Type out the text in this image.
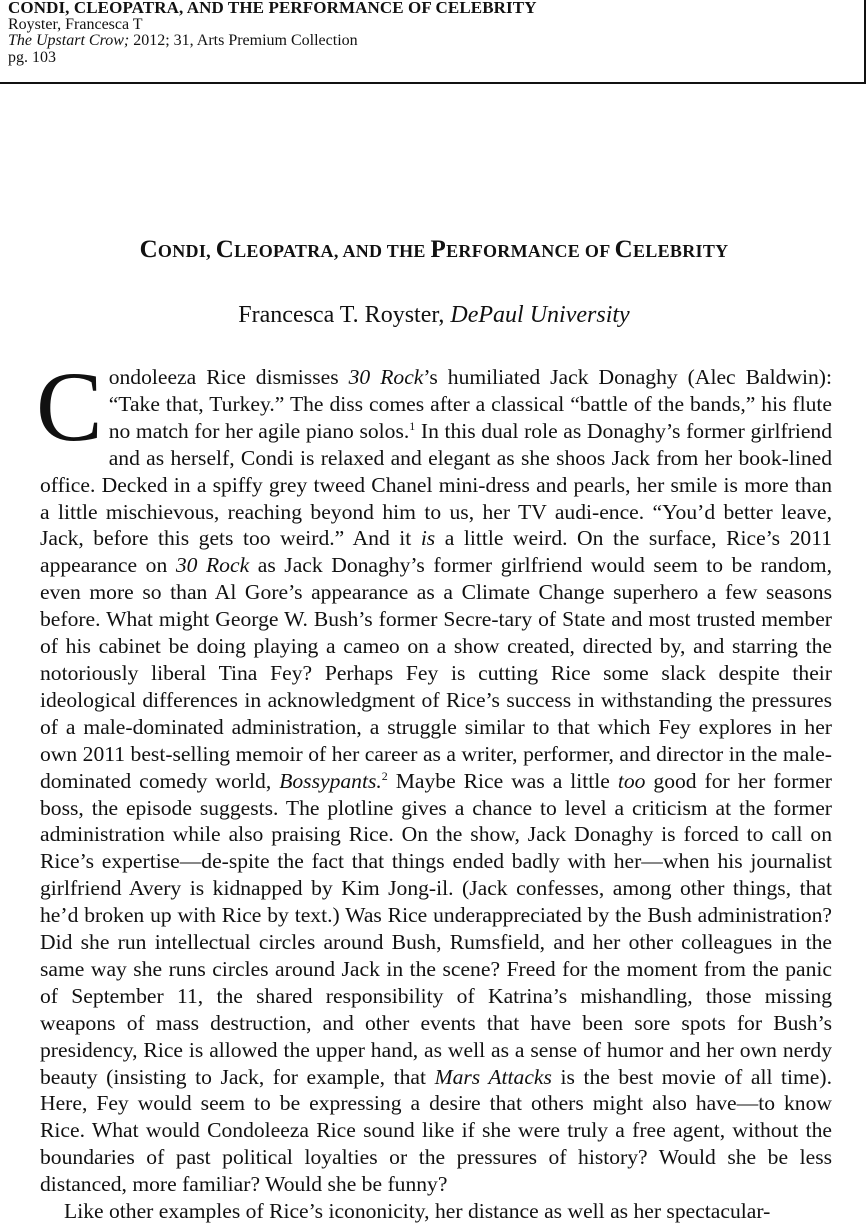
CONDI, CLEOPATRA, AND THE PERFORMANCE OF CELEBRITY
Royster, Francesca T
The Upstart Crow; 2012; 31, Arts Premium Collection
pg. 103
CONDI, CLEOPATRA, AND THE PERFORMANCE OF CELEBRITY
Francesca T. Royster, DePaul University

Condoleeza Rice dismisses 30 Rock’s humiliated Jack Donaghy (Alec Baldwin): “Take that, Turkey.” The diss comes after a classical “battle of the bands,” his flute no match for her agile piano solos.$^1$ In this dual role as Donaghy’s former girlfriend and as herself, Condi is relaxed and elegant as she shoos Jack from her book-lined office. Decked in a spiffy grey tweed Chanel mini-dress and pearls, her smile is more than a little mischievous, reaching beyond him to us, her TV audi-ence. “You’d better leave, Jack, before this gets too weird.” And it is a little weird. On the surface, Rice’s 2011 appearance on 30 Rock as Jack Donaghy’s former girlfriend would seem to be random, even more so than Al Gore’s appearance as a Climate Change superhero a few seasons before. What might George W. Bush’s former Secre-tary of State and most trusted member of his cabinet be doing playing a cameo on a show created, directed by, and starring the notoriously liberal Tina Fey? Perhaps Fey is cutting Rice some slack despite their ideological differences in acknowledgment of Rice’s success in withstanding the pressures of a male-dominated administration, a struggle similar to that which Fey explores in her own 2011 best-selling memoir of her career as a writer, performer, and director in the male-dominated comedy world, Bossypants.$^2$ Maybe Rice was a little too good for her former boss, the episode suggests. The plotline gives a chance to level a criticism at the former administration while also praising Rice. On the show, Jack Donaghy is forced to call on Rice’s expertise—de-spite the fact that things ended badly with her—when his journalist girlfriend Avery is kidnapped by Kim Jong-il. (Jack confesses, among other things, that he’d broken up with Rice by text.) Was Rice underappreciated by the Bush administration? Did she run intellectual circles around Bush, Rumsfield, and her other colleagues in the same way she runs circles around Jack in the scene? Freed for the moment from the panic of September 11, the shared responsibility of Katrina’s mishandling, those missing weapons of mass destruction, and other events that have been sore spots for Bush’s presidency, Rice is allowed the upper hand, as well as a sense of humor and her own nerdy beauty (insisting to Jack, for example, that Mars Attacks is the best movie of all time). Here, Fey would seem to be expressing a desire that others might also have—to know Rice. What would Condoleeza Rice sound like if she were truly a free agent, without the boundaries of past political loyalties or the pressures of history? Would she be less distanced, more familiar? Would she be funny?

Like other examples of Rice’s icononicity, her distance as well as her spectacular-
